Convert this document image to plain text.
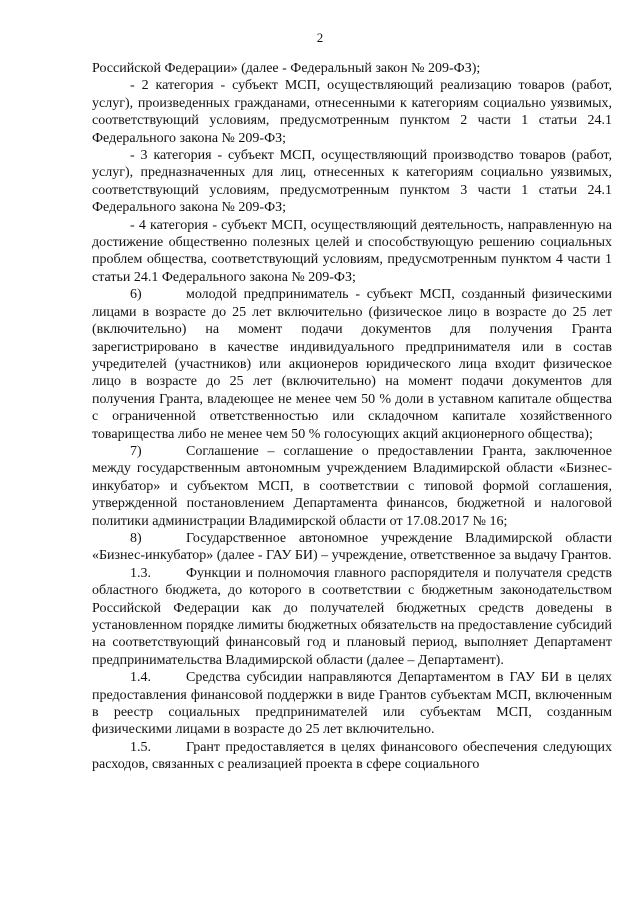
2

Российской Федерации» (далее - Федеральный закон № 209-ФЗ);

- 2 категория - субъект МСП, осуществляющий реализацию товаров (работ, услуг), произведенных гражданами, отнесенными к категориям социально уязвимых, соответствующий условиям, предусмотренным пунктом 2 части 1 статьи 24.1 Федерального закона № 209-ФЗ;

- 3 категория - субъект МСП, осуществляющий производство товаров (работ, услуг), предназначенных для лиц, отнесенных к категориям социально уязвимых, соответствующий условиям, предусмотренным пунктом 3 части 1 статьи 24.1 Федерального закона № 209-ФЗ;

- 4 категория - субъект МСП, осуществляющий деятельность, направленную на достижение общественно полезных целей и способствующую решению социальных проблем общества, соответствующий условиям, предусмотренным пунктом 4 части 1 статьи 24.1 Федерального закона № 209-ФЗ;

6)	молодой предприниматель - субъект МСП, созданный физическими лицами в возрасте до 25 лет включительно (физическое лицо в возрасте до 25 лет (включительно) на момент подачи документов для получения Гранта зарегистрировано в качестве индивидуального предпринимателя или в состав учредителей (участников) или акционеров юридического лица входит физическое лицо в возрасте до 25 лет (включительно) на момент подачи документов для получения Гранта, владеющее не менее чем 50 % доли в уставном капитале общества с ограниченной ответственностью или складочном капитале хозяйственного товарищества либо не менее чем 50 % голосующих акций акционерного общества);

7)	Соглашение – соглашение о предоставлении Гранта, заключенное между государственным автономным учреждением Владимирской области «Бизнес-инкубатор» и субъектом МСП, в соответствии с типовой формой соглашения, утвержденной постановлением Департамента финансов, бюджетной и налоговой политики администрации Владимирской области от 17.08.2017 № 16;

8)	Государственное автономное учреждение Владимирской области «Бизнес-инкубатор» (далее - ГАУ БИ) – учреждение, ответственное за выдачу Грантов.

1.3.	Функции и полномочия главного распорядителя и получателя средств областного бюджета, до которого в соответствии с бюджетным законодательством Российской Федерации как до получателей бюджетных средств доведены в установленном порядке лимиты бюджетных обязательств на предоставление субсидий на соответствующий финансовый год и плановый период, выполняет Департамент предпринимательства Владимирской области (далее – Департамент).

1.4.	Средства субсидии направляются Департаментом в ГАУ БИ в целях предоставления финансовой поддержки в виде Грантов субъектам МСП, включенным в реестр социальных предпринимателей или субъектам МСП, созданным физическими лицами в возрасте до 25 лет включительно.

1.5.	Грант предоставляется в целях финансового обеспечения следующих расходов, связанных с реализацией проекта в сфере социального
